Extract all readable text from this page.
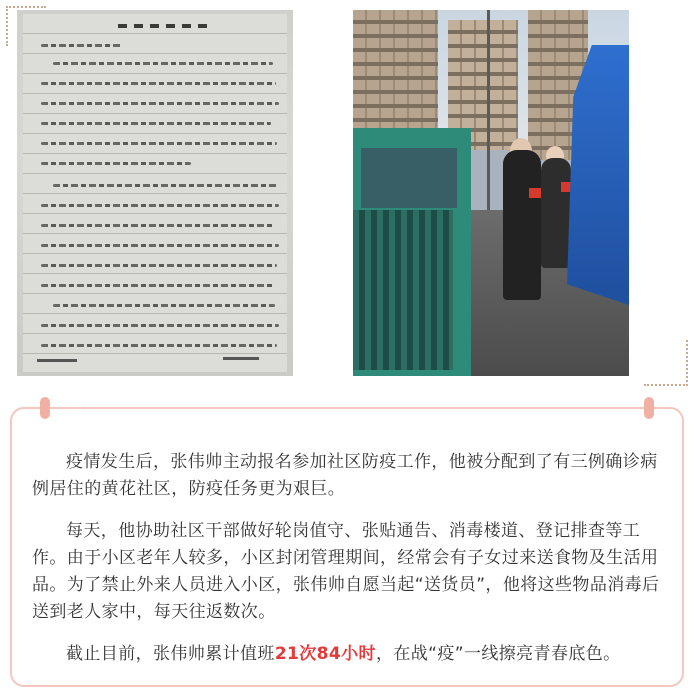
疫情发生后，张伟帅主动报名参加社区防疫工作，他被分配到了有三例确诊病例居住的黄花社区，防疫任务更为艰巨。

每天，他协助社区干部做好轮岗值守、张贴通告、消毒楼道、登记排查等工作。由于小区老年人较多，小区封闭管理期间，经常会有子女过来送食物及生活用品。为了禁止外来人员进入小区，张伟帅自愿当起“送货员”，他将这些物品消毒后送到老人家中，每天往返数次。

截止目前，张伟帅累计值班21次84小时，在战“疫”一线擦亮青春底色。
